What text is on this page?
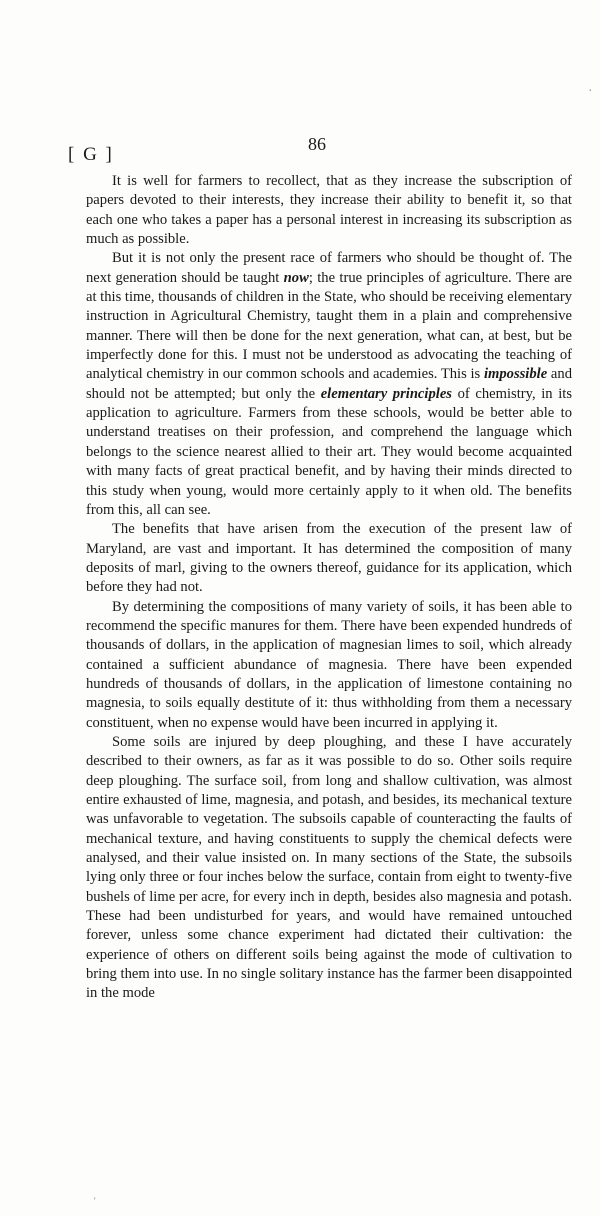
[ G ]	86
·

It is well for farmers to recollect, that as they increase the subscription of papers devoted to their interests, they increase their ability to benefit it, so that each one who takes a paper has a personal interest in increasing its subscription as much as possible.

But it is not only the present race of farmers who should be thought of. The next generation should be taught now; the true principles of agriculture. There are at this time, thousands of children in the State, who should be receiving elementary instruction in Agricultural Chemistry, taught them in a plain and comprehensive manner. There will then be done for the next generation, what can, at best, but be imperfectly done for this. I must not be understood as advocating the teaching of analytical chemistry in our common schools and academies. This is impossible and should not be attempted; but only the elementary principles of chemistry, in its application to agriculture. Farmers from these schools, would be better able to understand treatises on their profession, and comprehend the language which belongs to the science nearest allied to their art. They would become acquainted with many facts of great practical benefit, and by having their minds directed to this study when young, would more certainly apply to it when old. The benefits from this, all can see.

The benefits that have arisen from the execution of the present law of Maryland, are vast and important. It has determined the composition of many deposits of marl, giving to the owners thereof, guidance for its application, which before they had not.

By determining the compositions of many variety of soils, it has been able to recommend the specific manures for them. There have been expended hundreds of thousands of dollars, in the application of magnesian limes to soil, which already contained a sufficient abundance of magnesia. There have been expended hundreds of thousands of dollars, in the application of limestone containing no magnesia, to soils equally destitute of it: thus withholding from them a necessary constituent, when no expense would have been incurred in applying it.

Some soils are injured by deep ploughing, and these I have accurately described to their owners, as far as it was possible to do so. Other soils require deep ploughing. The surface soil, from long and shallow cultivation, was almost entire exhausted of lime, magnesia, and potash, and besides, its mechanical texture was unfavorable to vegetation. The subsoils capable of counteracting the faults of mechanical texture, and having constituents to supply the chemical defects were analysed, and their value insisted on. In many sections of the State, the subsoils lying only three or four inches below the surface, contain from eight to twenty-five bushels of lime per acre, for every inch in depth, besides also magnesia and potash. These had been undisturbed for years, and would have remained untouched forever, unless some chance experiment had dictated their cultivation: the experience of others on different soils being against the mode of cultivation to bring them into use. In no single solitary instance has the farmer been disappointed in the mode

'
